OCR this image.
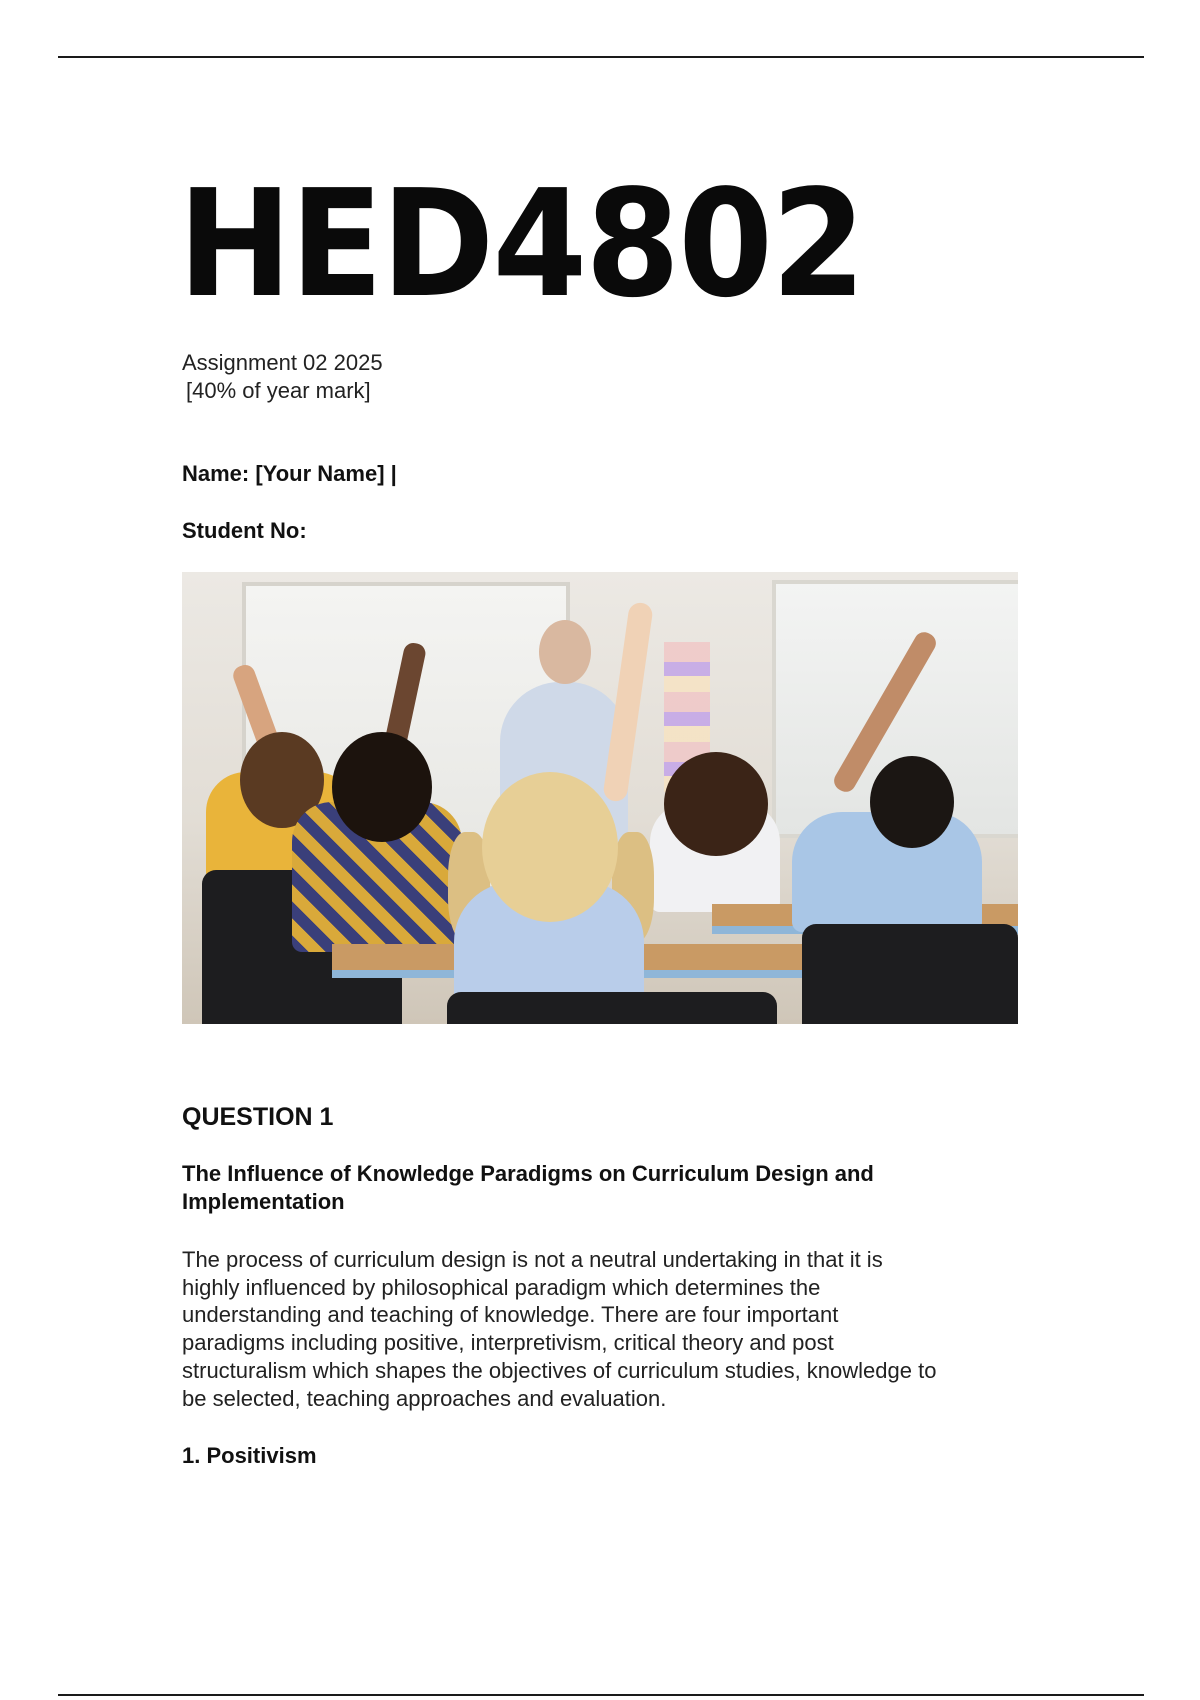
HED4802
Assignment 02 2025
[40% of year mark]
Name: [Your Name] |
Student No:
QUESTION 1
The Influence of Knowledge Paradigms on Curriculum Design and
Implementation
The process of curriculum design is not a neutral undertaking in that it is
highly influenced by philosophical paradigm which determines the
understanding and teaching of knowledge. There are four important
paradigms including positive, interpretivism, critical theory and post
structuralism which shapes the objectives of curriculum studies, knowledge to
be selected, teaching approaches and evaluation.
1. Positivism
